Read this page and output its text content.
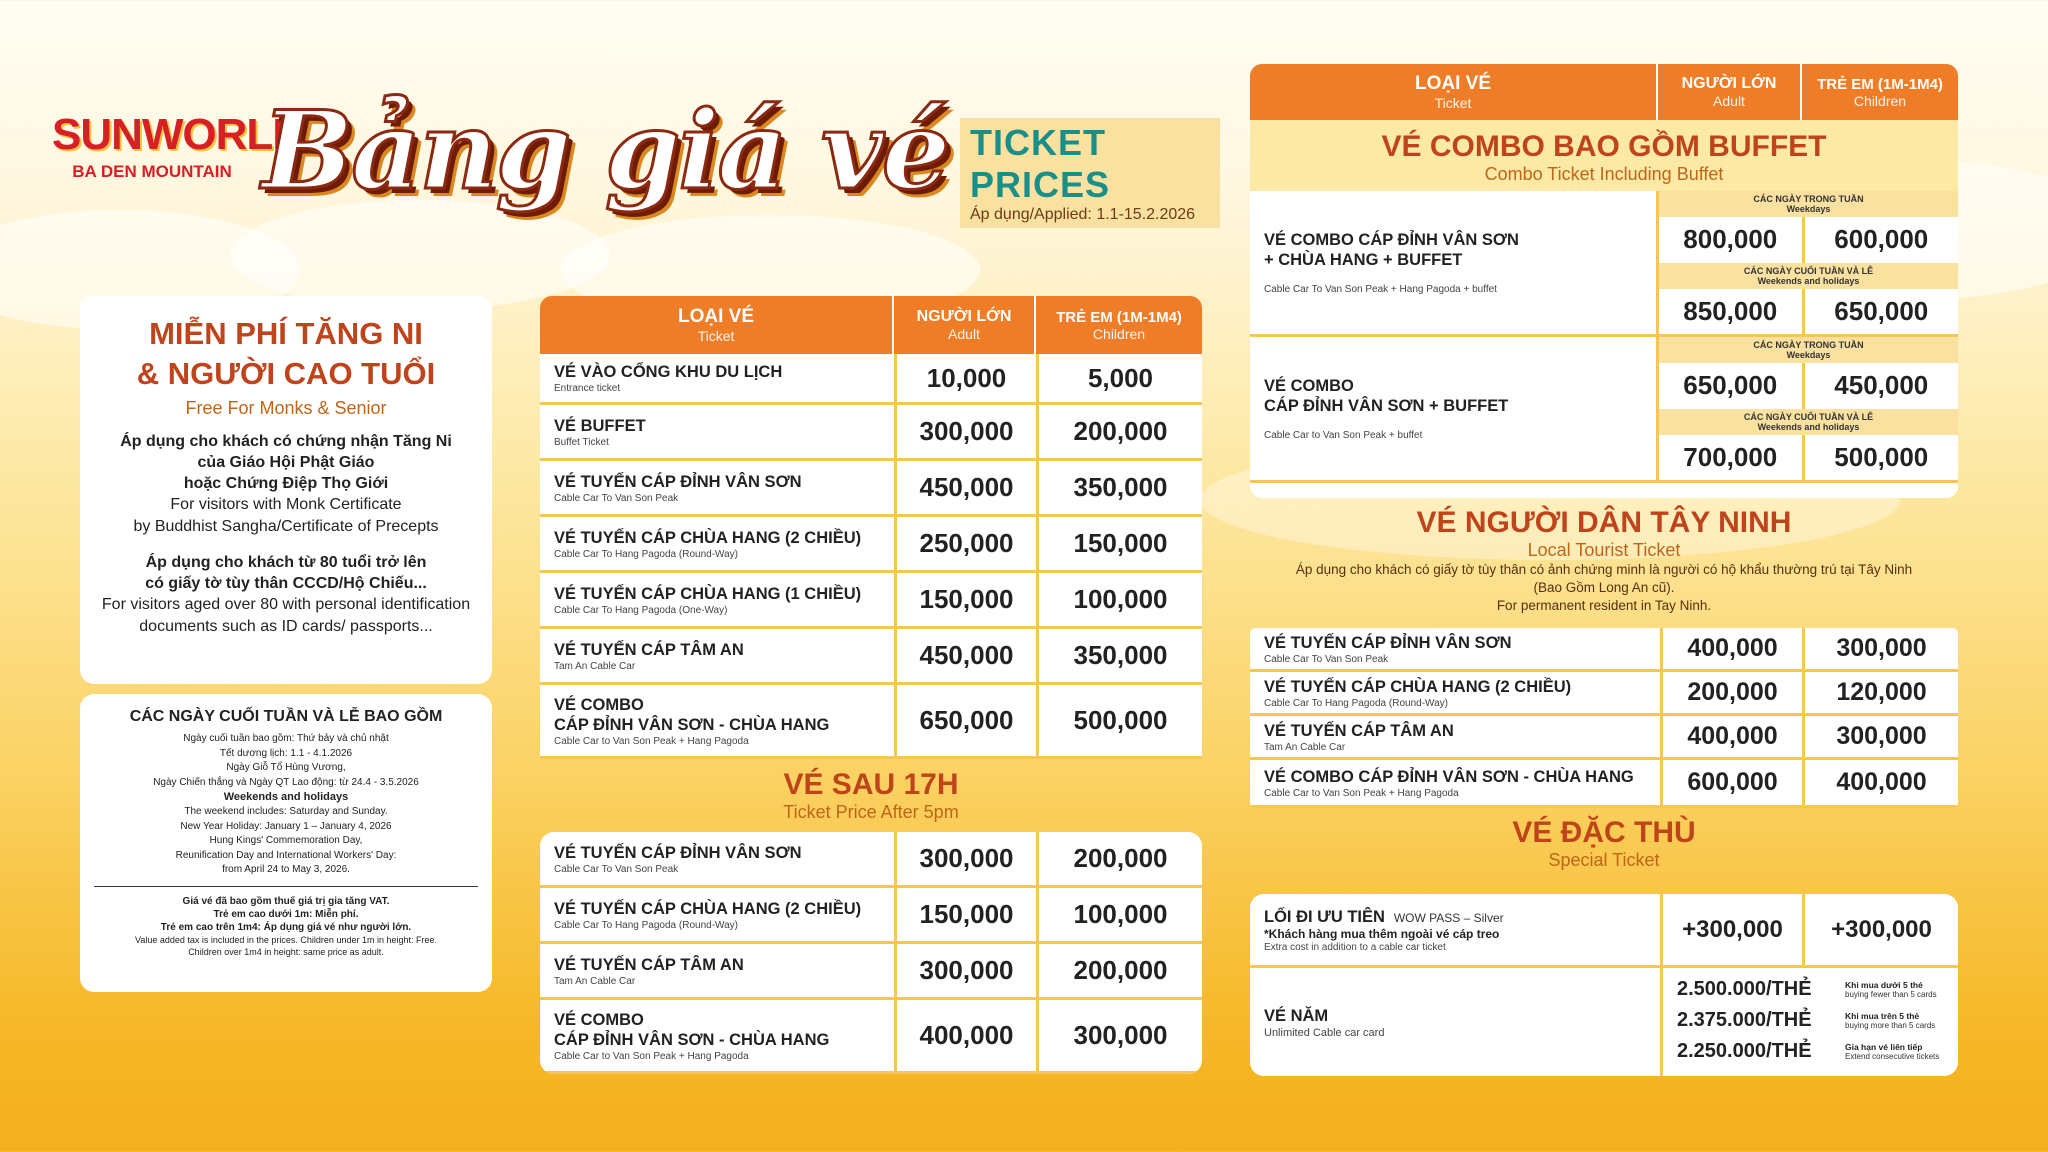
SUNWORLD
BA DEN MOUNTAIN Bảng giá vé TICKET PRICES
Áp dụng/Applied: 1.1-15.2.2026
MIỄN PHÍ TĂNG NI
& NGƯỜI CAO TUỔI
Free For Monks & Senior
Áp dụng cho khách có chứng nhận Tăng Ni
của Giáo Hội Phật Giáo
hoặc Chứng Điệp Thọ Giới
For visitors with Monk Certificate
by Buddhist Sangha/Certificate of Precepts
Áp dụng cho khách từ 80 tuổi trở lên
có giấy tờ tùy thân CCCD/Hộ Chiếu...
For visitors aged over 80 with personal identification
documents such as ID cards/ passports...
CÁC NGÀY CUỐI TUẦN VÀ LỄ BAO GỒM
Ngày cuối tuần bao gồm: Thứ bảy và chủ nhật
Tết dương lịch: 1.1 - 4.1.2026
Ngày Giỗ Tổ Hùng Vương,
Ngày Chiến thắng và Ngày QT Lao động: từ 24.4 - 3.5.2026
Weekends and holidays
The weekend includes: Saturday and Sunday.
New Year Holiday: January 1 – January 4, 2026
Hung Kings' Commemoration Day,
Reunification Day and International Workers' Day:
from April 24 to May 3, 2026.
Giá vé đã bao gồm thuế giá trị gia tăng VAT.
Trẻ em cao dưới 1m: Miễn phí.
Trẻ em cao trên 1m4: Áp dụng giá vé như người lớn.
Value added tax is included in the prices. Children under 1m in height: Free.
Children over 1m4 in height: same price as adult.
LOẠI VÉ
Ticket
NGƯỜI LỚN
Adult
TRẺ EM (1M-1M4)
Children
VÉ VÀO CỔNG KHU DU LỊCH
Entrance ticket	10,000	5,000
VÉ BUFFET
Buffet Ticket	300,000	200,000
VÉ TUYẾN CÁP ĐỈNH VÂN SƠN
Cable Car To Van Son Peak	450,000	350,000
VÉ TUYẾN CÁP CHÙA HANG (2 CHIỀU)
Cable Car To Hang Pagoda (Round-Way)	250,000	150,000
VÉ TUYẾN CÁP CHÙA HANG (1 CHIỀU)
Cable Car To Hang Pagoda (One-Way)	150,000	100,000
VÉ TUYẾN CÁP TÂM AN
Tam An Cable Car	450,000	350,000
VÉ COMBO
CÁP ĐỈNH VÂN SƠN - CHÙA HANG
Cable Car to Van Son Peak + Hang Pagoda
650,000	500,000
VÉ SAU 17H
Ticket Price After 5pm
VÉ TUYẾN CÁP ĐỈNH VÂN SƠN
Cable Car To Van Son Peak	300,000	200,000
VÉ TUYẾN CÁP CHÙA HANG (2 CHIỀU)
Cable Car To Hang Pagoda (Round-Way)	150,000	100,000
VÉ TUYẾN CÁP TÂM AN
Tam An Cable Car	300,000	200,000
VÉ COMBO
CÁP ĐỈNH VÂN SƠN - CHÙA HANG
Cable Car to Van Son Peak + Hang Pagoda
400,000	300,000
LOẠI VÉ
Ticket
NGƯỜI LỚN
Adult
TRẺ EM (1M-1M4)
Children
VÉ COMBO BAO GỒM BUFFET
Combo Ticket Including Buffet
VÉ COMBO CÁP ĐỈNH VÂN SƠN
+ CHÙA HANG + BUFFET
Cable Car To Van Son Peak + Hang Pagoda + buffet
CÁC NGÀY TRONG TUẦN
Weekdays
800,000	600,000
CÁC NGÀY CUỐI TUẦN VÀ LỄ
Weekends and holidays
850,000	650,000
VÉ COMBO
CÁP ĐỈNH VÂN SƠN + BUFFET
Cable Car to Van Son Peak + buffet
CÁC NGÀY TRONG TUẦN
Weekdays
650,000	450,000
CÁC NGÀY CUỐI TUẦN VÀ LỄ
Weekends and holidays
700,000	500,000
VÉ NGƯỜI DÂN TÂY NINH
Local Tourist Ticket
Áp dụng cho khách có giấy tờ tùy thân có ảnh chứng minh là người có hộ khẩu thường trú tại Tây Ninh
(Bao Gồm Long An cũ).
For permanent resident in Tay Ninh.
VÉ TUYẾN CÁP ĐỈNH VÂN SƠN
Cable Car To Van Son Peak	400,000	300,000
VÉ TUYẾN CÁP CHÙA HANG (2 CHIỀU)
Cable Car To Hang Pagoda (Round-Way)	200,000	120,000
VÉ TUYẾN CÁP TÂM AN
Tam An Cable Car	400,000	300,000
VÉ COMBO CÁP ĐỈNH VÂN SƠN - CHÙA HANG
Cable Car to Van Son Peak + Hang Pagoda	600,000	400,000
VÉ ĐẶC THÙ
Special Ticket
LỐI ĐI ƯU TIÊN WOW PASS – Silver
*Khách hàng mua thêm ngoài vé cáp treo
Extra cost in addition to a cable car ticket
+300,000	+300,000
VÉ NĂM
Unlimited Cable car card
2.500.000/THẺ	Khi mua dưới 5 thẻ
buying fewer than 5 cards
2.375.000/THẺ	Khi mua trên 5 thẻ
buying more than 5 cards
2.250.000/THẺ	Gia hạn vé liên tiếp
Extend consecutive tickets
